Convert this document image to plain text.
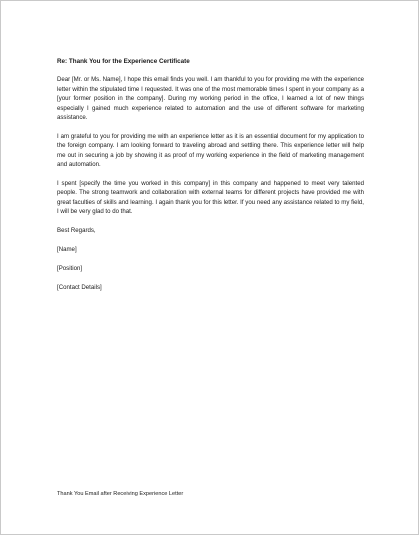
Re: Thank You for the Experience Certificate

Dear [Mr. or Ms. Name], I hope this email finds you well. I am thankful to you for providing me with the experience letter within the stipulated time I requested. It was one of the most memorable times I spent in your company as a [your former position in the company]. During my working period in the office, I learned a lot of new things especially I gained much experience related to automation and the use of different software for marketing assistance.

I am grateful to you for providing me with an experience letter as it is an essential document for my application to the foreign company. I am looking forward to traveling abroad and settling there. This experience letter will help me out in securing a job by showing it as proof of my working experience in the field of marketing management and automation.

I spent [specify the time you worked in this company] in this company and happened to meet very talented people. The strong teamwork and collaboration with external teams for different projects have provided me with great faculties of skills and learning. I again thank you for this letter. If you need any assistance related to my field, I will be very glad to do that.

Best Regards,
[Name]
[Position]
[Contact Details]
Thank You Email after Receiving Experience Letter
